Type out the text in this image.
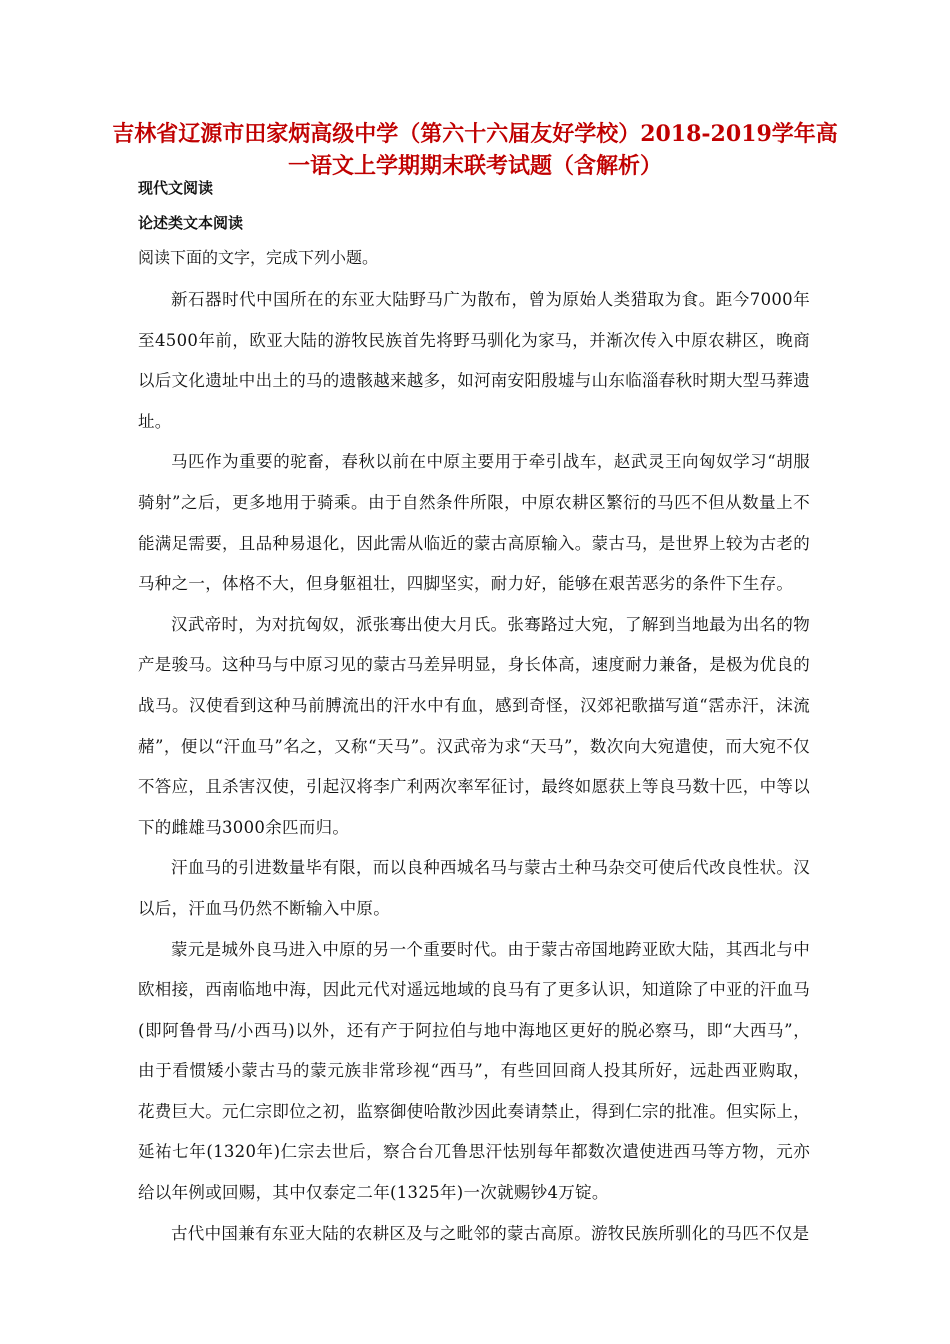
吉林省辽源市田家炳高级中学（第六十六届友好学校）2018-2019学年高一语文上学期期末联考试题（含解析）
现代文阅读
论述类文本阅读
阅读下面的文字，完成下列小题。

新石器时代中国所在的东亚大陆野马广为散布，曾为原始人类猎取为食。距今7000年至4500年前，欧亚大陆的游牧民族首先将野马驯化为家马，并渐次传入中原农耕区，晚商以后文化遗址中出土的马的遗骸越来越多，如河南安阳殷墟与山东临淄春秋时期大型马葬遗址。

马匹作为重要的驼畜，春秋以前在中原主要用于牵引战车，赵武灵王向匈奴学习“胡服骑射”之后，更多地用于骑乘。由于自然条件所限，中原农耕区繁衍的马匹不但从数量上不能满足需要，且品种易退化，因此需从临近的蒙古高原输入。蒙古马，是世界上较为古老的马种之一，体格不大，但身躯祖壮，四脚坚实，耐力好，能够在艰苦恶劣的条件下生存。

汉武帝时，为对抗匈奴，派张骞出使大月氏。张骞路过大宛，了解到当地最为出名的物产是骏马。这种马与中原习见的蒙古马差异明显，身长体高，速度耐力兼备，是极为优良的战马。汉使看到这种马前膊流出的汗水中有血，感到奇怪，汉郊祀歌描写道“霑赤汗，沫流赭”，便以“汗血马”名之，又称“天马”。汉武帝为求“天马”，数次向大宛遣使，而大宛不仅不答应，且杀害汉使，引起汉将李广利两次率军征讨，最终如愿获上等良马数十匹，中等以下的雌雄马3000余匹而归。

汗血马的引进数量毕有限，而以良种西城名马与蒙古土种马杂交可使后代改良性状。汉以后，汗血马仍然不断输入中原。

蒙元是城外良马进入中原的另一个重要时代。由于蒙古帝国地跨亚欧大陆，其西北与中欧相接，西南临地中海，因此元代对遥远地域的良马有了更多认识，知道除了中亚的汗血马(即阿鲁骨马/小西马)以外，还有产于阿拉伯与地中海地区更好的脱必察马，即“大西马”，由于看惯矮小蒙古马的蒙元族非常珍视“西马”，有些回回商人投其所好，远赴西亚购取，花费巨大。元仁宗即位之初，监察御使哈散沙因此奏请禁止，得到仁宗的批准。但实际上，延祐七年(1320年)仁宗去世后，察合台兀鲁思汗怯别每年都数次遣使进西马等方物，元亦给以年例或回赐，其中仅泰定二年(1325年)一次就赐钞4万锭。

古代中国兼有东亚大陆的农耕区及与之毗邻的蒙古高原。游牧民族所驯化的马匹不仅是
